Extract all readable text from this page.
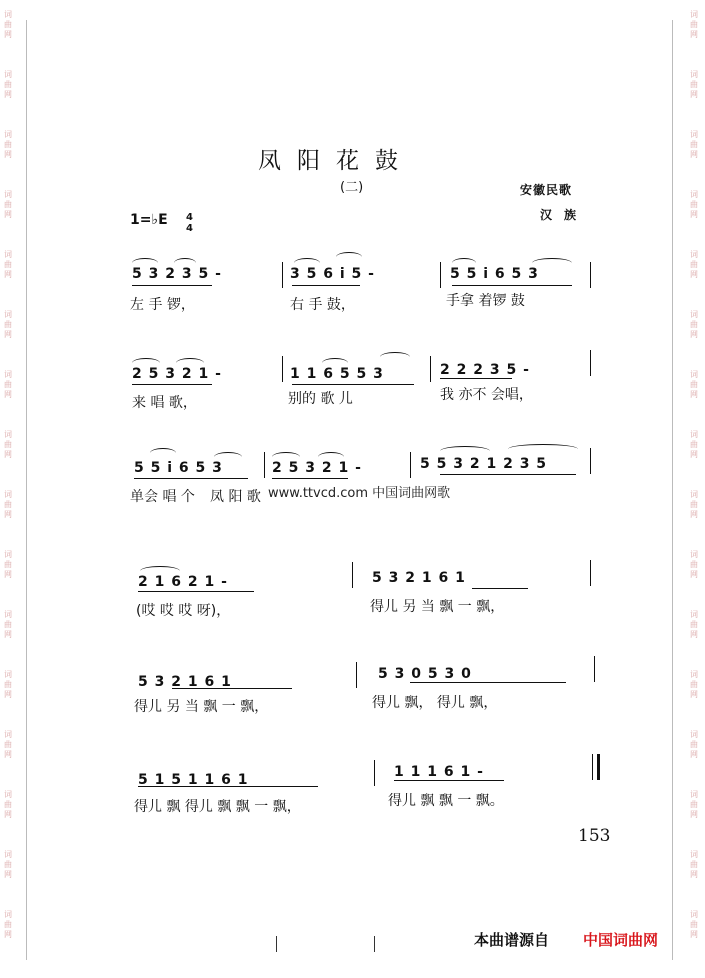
词
曲
网
词
曲
网
词
曲
网
词
曲
网
词
曲
网
词
曲
网
词
曲
网
词
曲
网
词
曲
网
词
曲
网
词
曲
网
词
曲
网
词
曲
网
词
曲
网
词
曲
网
词
曲
网
词
曲
网
词
曲
网
词
曲
网
词
曲
网
词
曲
网
词
曲
网
词
曲
网
词
曲
网
词
曲
网
词
曲
网
词
曲
网
词
曲
网
词
曲
网
词
曲
网
词
曲
网
词
曲
网
凤阳花鼓
(二)	安徽民歌
汉族
1=♭E 4
4
5 3 2 3 5 -	3 5 6 i 5 -	5 5 i 6 5 3
左 手 锣，	右 手 鼓，	手拿 着锣 鼓
2 5 3 2 1 -	1 1 6 5 5 3	2 2 2 3 5 -
来 唱 歌，	别的 歌 儿	我 亦不 会唱，
5 5 i 6 5 3	2 5 3 2 1 -	5 5 3 2 1 2 3 5
单会 唱 个 凤 阳 歌 www.ttvcd.com 中国词曲网歌
2 1 6 2 1 -	5 3 2 1 6 1
(哎 哎 哎 呀)，	得儿 另 当 飘 一 飘，
5 3 2 1 6 1	5 3 0 5 3 0
得儿 另 当 飘 一 飘，	得儿 飘， 得儿 飘，
5 1 5 1 1 6 1	1 1 1 6 1 -
得儿 飘 得儿 飘 飘 一 飘，	得儿 飘 飘 一 飘。
153
本曲谱源自 中国词曲网
